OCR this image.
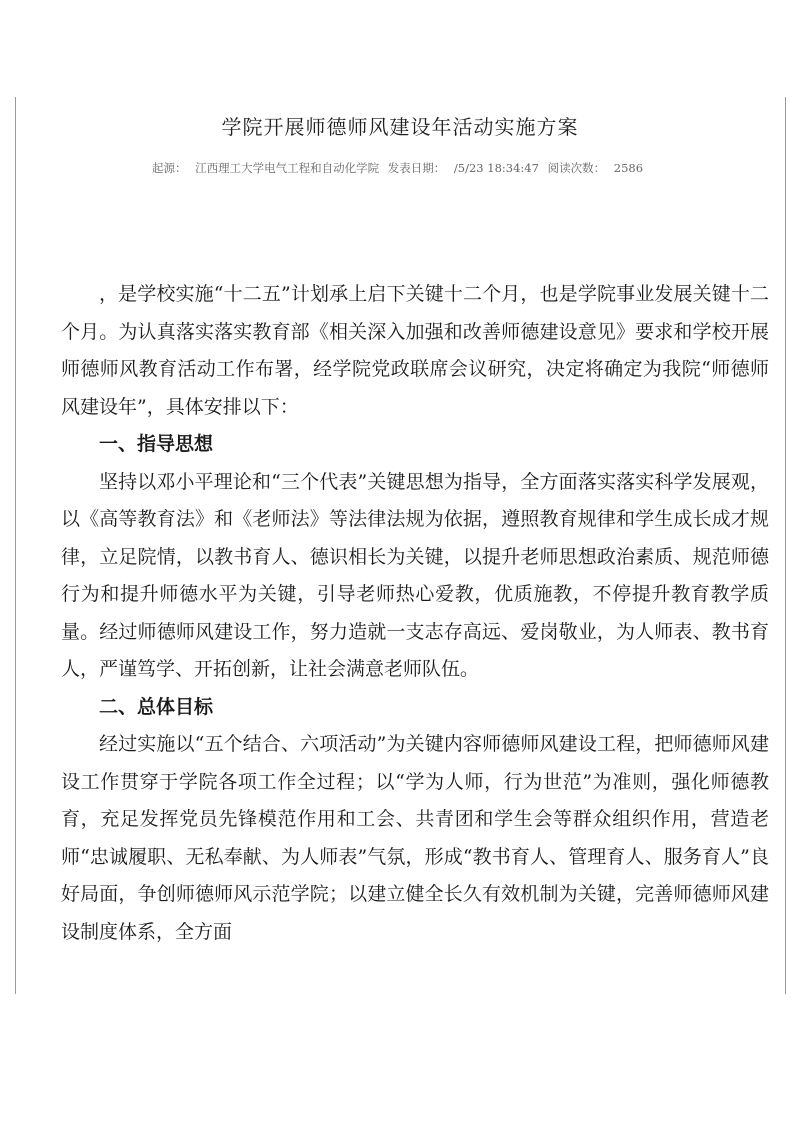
学院开展师德师风建设年活动实施方案
起源： 江西理工大学电气工程和自动化学院 发表日期： /5/23 18:34:47 阅读次数： 2586

，是学校实施“十二五”计划承上启下关键十二个月，也是学院事业发展关键十二个月。为认真落实落实教育部《相关深入加强和改善师德建设意见》要求和学校开展师德师风教育活动工作布署，经学院党政联席会议研究，决定将确定为我院“师德师风建设年”，具体安排以下：

一、指导思想

坚持以邓小平理论和“三个代表”关键思想为指导，全方面落实落实科学发展观，以《高等教育法》和《老师法》等法律法规为依据，遵照教育规律和学生成长成才规律，立足院情，以教书育人、德识相长为关键，以提升老师思想政治素质、规范师德行为和提升师德水平为关键，引导老师热心爱教，优质施教，不停提升教育教学质量。经过师德师风建设工作，努力造就一支志存高远、爱岗敬业，为人师表、教书育人，严谨笃学、开拓创新，让社会满意老师队伍。

二、总体目标

经过实施以“五个结合、六项活动”为关键内容师德师风建设工程，把师德师风建设工作贯穿于学院各项工作全过程；以“学为人师，行为世范”为准则，强化师德教育，充足发挥党员先锋模范作用和工会、共青团和学生会等群众组织作用，营造老师“忠诚履职、无私奉献、为人师表”气氛，形成“教书育人、管理育人、服务育人”良好局面，争创师德师风示范学院；以建立健全长久有效机制为关键，完善师德师风建设制度体系，全方面
